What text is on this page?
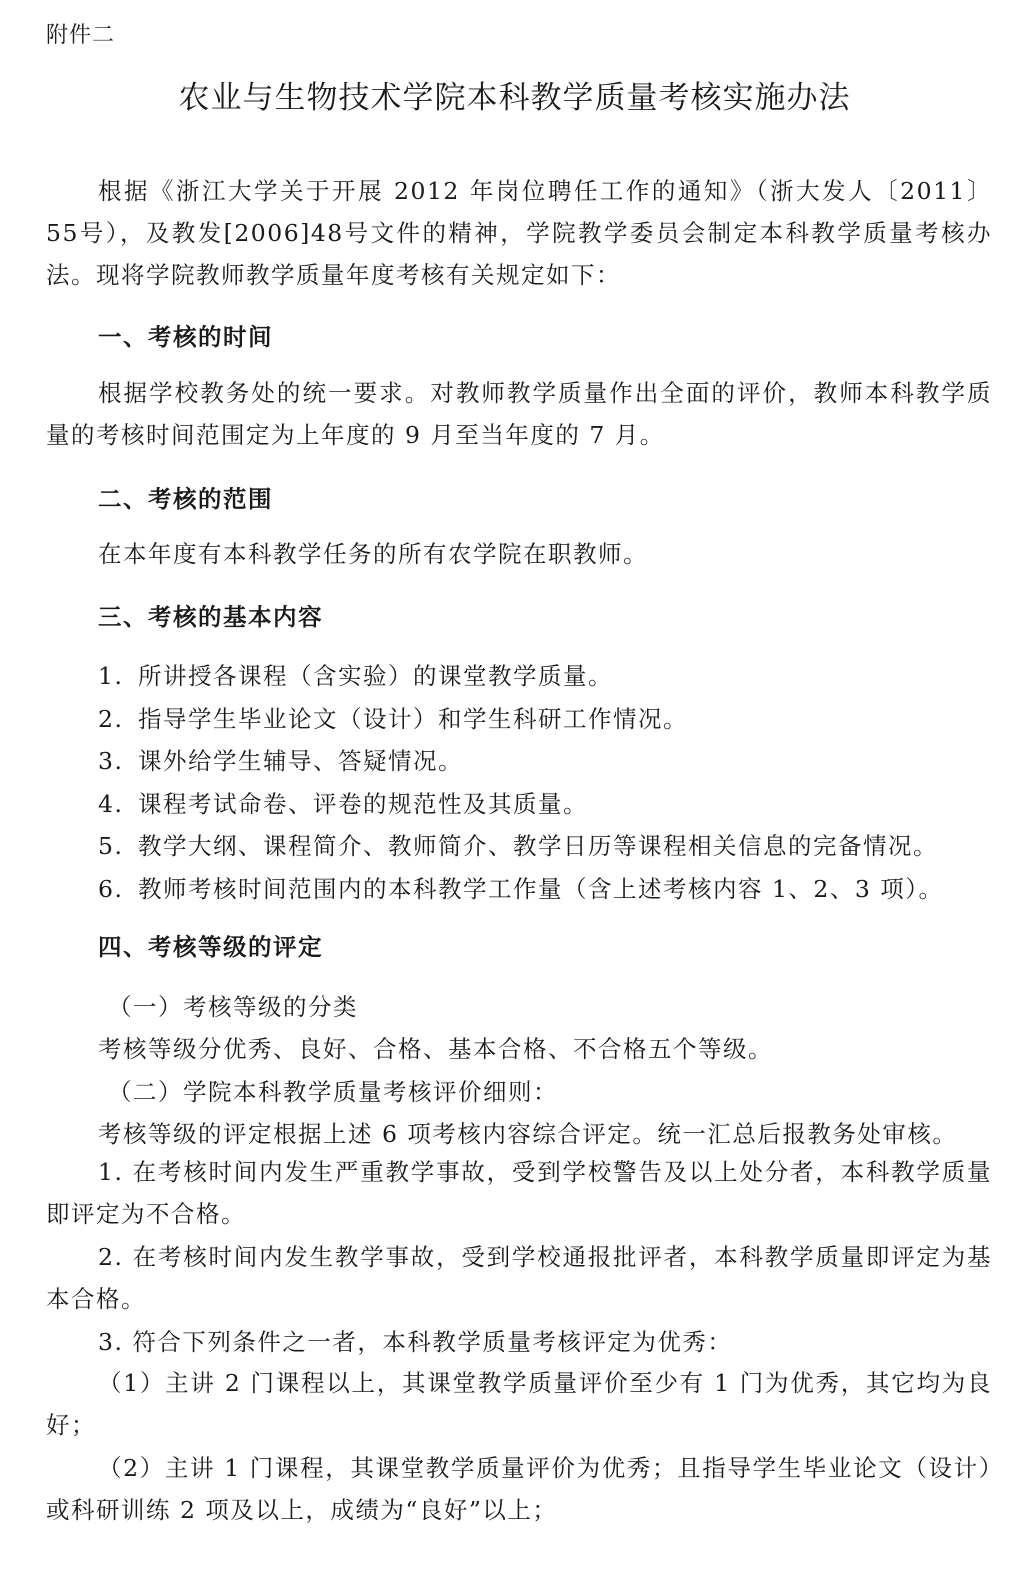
附件二
农业与生物技术学院本科教学质量考核实施办法

根据《浙江大学关于开展 2012 年岗位聘任工作的通知》（浙大发人〔2011〕55号），及教发[2006]48号文件的精神，学院教学委员会制定本科教学质量考核办法。现将学院教师教学质量年度考核有关规定如下：

一、考核的时间

根据学校教务处的统一要求。对教师教学质量作出全面的评价，教师本科教学质量的考核时间范围定为上年度的 9 月至当年度的 7 月。

二、考核的范围

在本年度有本科教学任务的所有农学院在职教师。

三、考核的基本内容

1. 所讲授各课程（含实验）的课堂教学质量。
2. 指导学生毕业论文（设计）和学生科研工作情况。
3. 课外给学生辅导、答疑情况。
4. 课程考试命卷、评卷的规范性及其质量。
5. 教学大纲、课程简介、教师简介、教学日历等课程相关信息的完备情况。
6. 教师考核时间范围内的本科教学工作量（含上述考核内容 1、2、3 项）。

四、考核等级的评定

（一）考核等级的分类

考核等级分优秀、良好、合格、基本合格、不合格五个等级。

（二）学院本科教学质量考核评价细则：

考核等级的评定根据上述 6 项考核内容综合评定。统一汇总后报教务处审核。

1. 在考核时间内发生严重教学事故，受到学校警告及以上处分者，本科教学质量即评定为不合格。

2. 在考核时间内发生教学事故，受到学校通报批评者，本科教学质量即评定为基本合格。

3. 符合下列条件之一者，本科教学质量考核评定为优秀：

（1）主讲 2 门课程以上，其课堂教学质量评价至少有 1 门为优秀，其它均为良好；

（2）主讲 1 门课程，其课堂教学质量评价为优秀；且指导学生毕业论文（设计）或科研训练 2 项及以上，成绩为“良好”以上；
